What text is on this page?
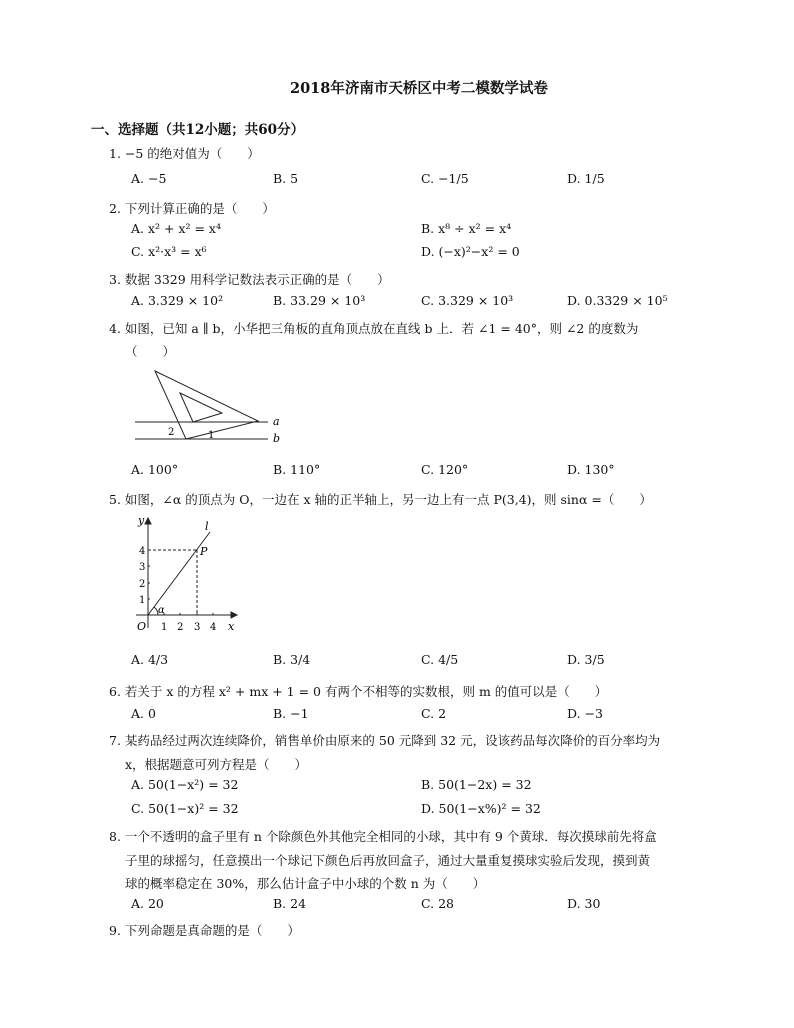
2018年济南市天桥区中考二模数学试卷
一、选择题（共12小题；共60分）
1. −5 的绝对值为（　　）
A. −5	B. 5	C. −1/5	D. 1/5
2. 下列计算正确的是（　　）
A. x² + x² = x⁴	B. x⁸ ÷ x² = x⁴
C. x²·x³ = x⁶	D. (−x)²−x² = 0
3. 数据 3329 用科学记数法表示正确的是（　　）
A. 3.329 × 10²	B. 33.29 × 10³	C. 3.329 × 10³	D. 0.3329 × 10⁵
4. 如图，已知 a ∥ b，小华把三角板的直角顶点放在直线 b 上．若 ∠1 = 40°，则 ∠2 的度数为
（　　）
a
b
2	1
A. 100°	B. 110°	C. 120°	D. 130°
5. 如图，∠α 的顶点为 O，一边在 x 轴的正半轴上，另一边上有一点 P(3,4)，则 sinα =（　　）
y
x
O
P
l
α
1 2 3 4
1
2
3
4
A. 4/3	B. 3/4	C. 4/5	D. 3/5
6. 若关于 x 的方程 x² + mx + 1 = 0 有两个不相等的实数根，则 m 的值可以是（　　）
A. 0	B. −1	C. 2	D. −3
7. 某药品经过两次连续降价，销售单价由原来的 50 元降到 32 元，设该药品每次降价的百分率均为
x，根据题意可列方程是（　　）
A. 50(1−x²) = 32	B. 50(1−2x) = 32
C. 50(1−x)² = 32	D. 50(1−x%)² = 32
8. 一个不透明的盒子里有 n 个除颜色外其他完全相同的小球，其中有 9 个黄球．每次摸球前先将盒
子里的球摇匀，任意摸出一个球记下颜色后再放回盒子，通过大量重复摸球实验后发现，摸到黄
球的概率稳定在 30%，那么估计盒子中小球的个数 n 为（　　）
A. 20	B. 24	C. 28	D. 30
9. 下列命题是真命题的是（　　）
